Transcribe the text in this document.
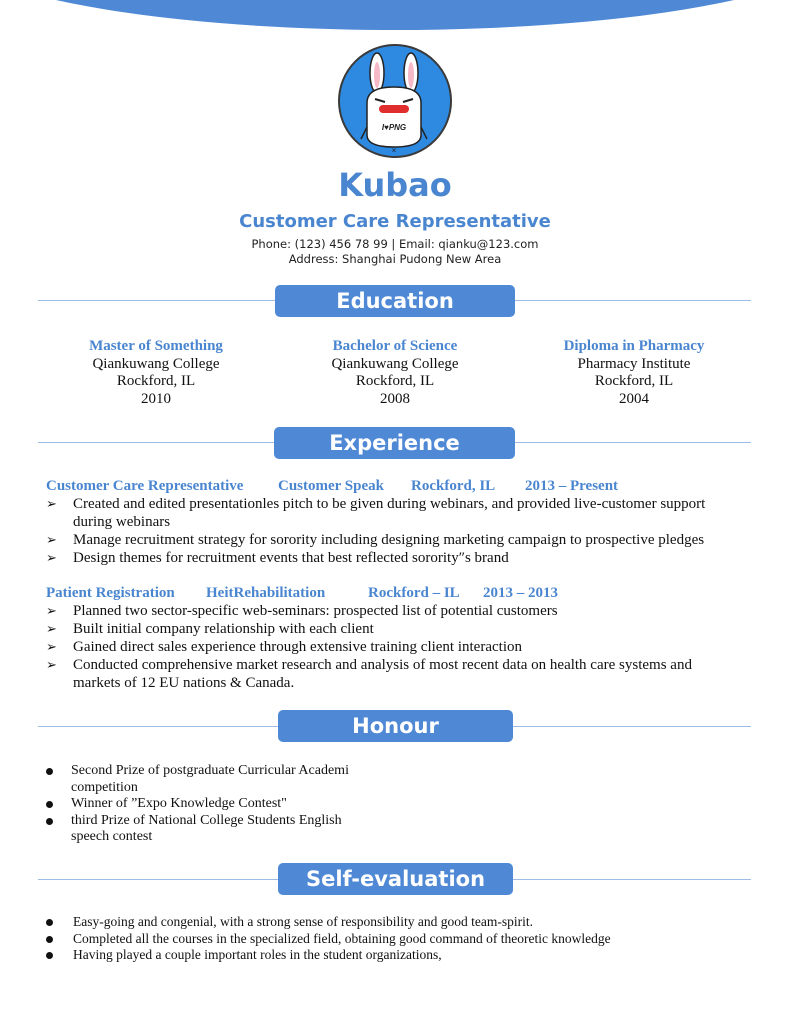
I♥PNG
×
Kubao
Customer Care Representative
Phone: (123) 456 78 99 | Email: qianku@123.com
Address: Shanghai Pudong New Area
Education
Master of Something
Qiankuwang College
Rockford, IL
2010
Bachelor of Science
Qiankuwang College
Rockford, IL
2008
Diploma in Pharmacy
Pharmacy Institute
Rockford, IL
2004
Experience

Customer Care Representative

Customer Speak

Rockford, IL

2013 – Present

➢ Created and edited presentationles pitch to be given during webinars, and provided live-customer support during webinars
➢ Manage recruitment strategy for sorority including designing marketing campaign to prospective pledges
➢ Design themes for recruitment events that best reflected sorority″s brand

Patient Registration

HeitRehabilitation

	Rockford – IL

2013 – 2013

➢ Planned two sector-specific web-seminars: prospected list of potential customers
➢ Built initial company relationship with each client
➢ Gained direct sales experience through extensive training client interaction
➢ Conducted comprehensive market research and analysis of most recent data on health care systems and markets of 12 EU nations & Canada.
Honour
Second Prize of postgraduate Curricular Academi competition
Winner of ”Expo Knowledge Contest"
third Prize of National College Students English speech contest
Self-evaluation
Easy-going and congenial, with a strong sense of responsibility and good team-spirit.
Completed all the courses in the specialized field, obtaining good command of theoretic knowledge
Having played a couple important roles in the student organizations,
